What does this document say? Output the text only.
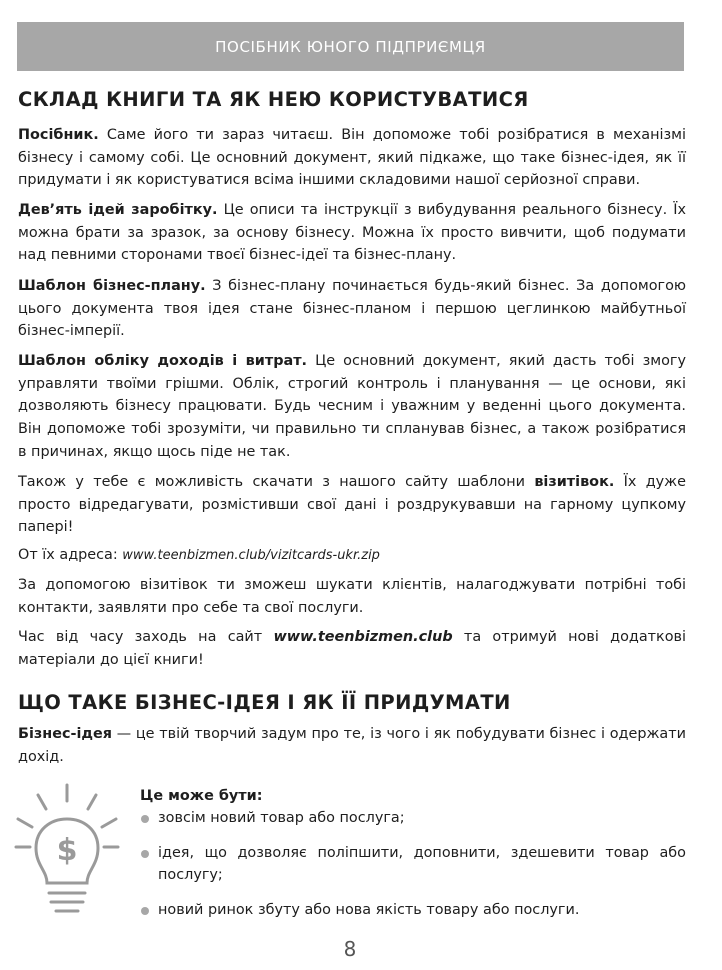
ПОСІБНИК ЮНОГО ПІДПРИЄМЦЯ
СКЛАД КНИГИ ТА ЯК НЕЮ КОРИСТУВАТИСЯ

Посібник. Саме його ти зараз читаєш. Він допоможе тобі розібратися в механізмі бізнесу і самому собі. Це основний документ, який підкаже, що таке бізнес-ідея, як її придумати і як користуватися всіма іншими складовими нашої серйозної справи.

Дев’ять ідей заробітку. Це описи та інструкції з вибудування реального бізнесу. Їх можна брати за зразок, за основу бізнесу. Можна їх просто вивчити, щоб подумати над певними сторонами твоєї бізнес-ідеї та бізнес-плану.

Шаблон бізнес-плану. З бізнес-плану починається будь-який бізнес. За допомогою цього документа твоя ідея стане бізнес-планом і першою цеглинкою майбутньої бізнес-імперії.

Шаблон обліку доходів і витрат. Це основний документ, який дасть тобі змогу управляти твоїми грішми. Облік, строгий контроль і планування — це основи, які дозволяють бізнесу працювати. Будь чесним і уважним у веденні цього документа. Він допоможе тобі зрозуміти, чи правильно ти спланував бізнес, а також розібратися в причинах, якщо щось піде не так.

Також у тебе є можливість скачати з нашого сайту шаблони візитівок. Їх дуже просто відредагувати, розмістивши свої дані і роздрукувавши на гарному цупкому папері!

От їх адреса: www.teenbizmen.club/vizitcards-ukr.zip

За допомогою візитівок ти зможеш шукати клієнтів, налагоджувати потрібні тобі контакти, заявляти про себе та свої послуги.

Час від часу заходь на сайт www.teenbizmen.club та отримуй нові додаткові матеріали до цієї книги!

ЩО ТАКЕ БІЗНЕС-ІДЕЯ І ЯК ЇЇ ПРИДУМАТИ

Бізнес-ідея — це твій творчий задум про те, із чого і як побудувати бізнес і одержати дохід.

$

Це може бути:

зовсім новий товар або послуга;
ідея, що дозволяє поліпшити, доповнити, здешевити товар або послугу;
новий ринок збуту або нова якість товару або послуги.
8
